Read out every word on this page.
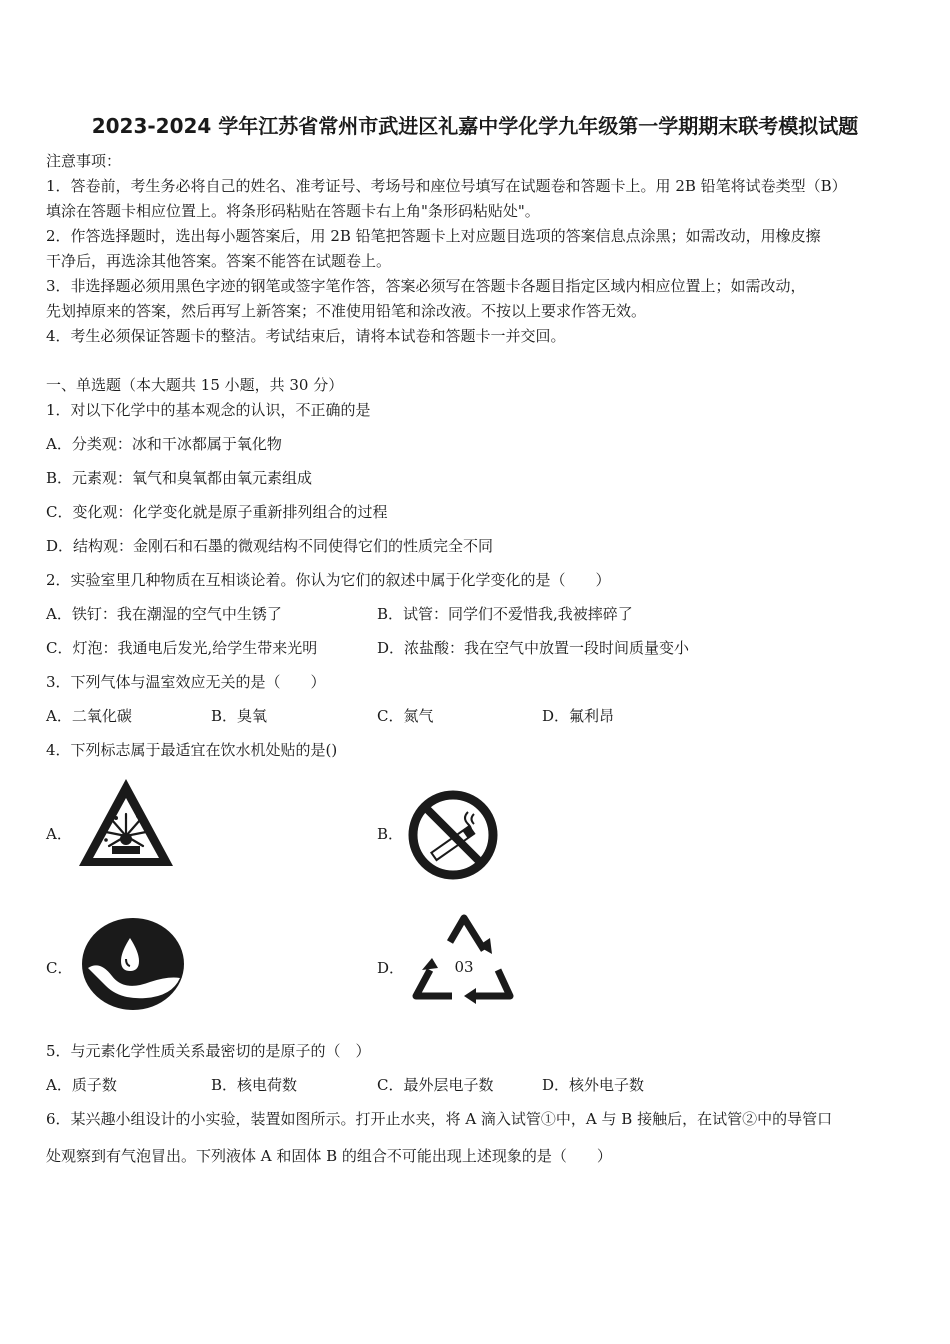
2023-2024 学年江苏省常州市武进区礼嘉中学化学九年级第一学期期末联考模拟试题
注意事项：
1．答卷前，考生务必将自己的姓名、准考证号、考场号和座位号填写在试题卷和答题卡上。用 2B 铅笔将试卷类型（B）
填涂在答题卡相应位置上。将条形码粘贴在答题卡右上角"条形码粘贴处"。
2．作答选择题时，选出每小题答案后，用 2B 铅笔把答题卡上对应题目选项的答案信息点涂黑；如需改动，用橡皮擦
干净后，再选涂其他答案。答案不能答在试题卷上。
3．非选择题必须用黑色字迹的钢笔或签字笔作答，答案必须写在答题卡各题目指定区域内相应位置上；如需改动，
先划掉原来的答案，然后再写上新答案；不准使用铅笔和涂改液。不按以上要求作答无效。
4．考生必须保证答题卡的整洁。考试结束后，请将本试卷和答题卡一并交回。
一、单选题（本大题共 15 小题，共 30 分）
1．对以下化学中的基本观念的认识，不正确的是
A．分类观：冰和干冰都属于氧化物
B．元素观：氧气和臭氧都由氧元素组成
C．变化观：化学变化就是原子重新排列组合的过程
D．结构观：金刚石和石墨的微观结构不同使得它们的性质完全不同
2．实验室里几种物质在互相谈论着。你认为它们的叙述中属于化学变化的是（　　）
A．铁钉：我在潮湿的空气中生锈了	B．试管：同学们不爱惜我,我被摔碎了
C．灯泡：我通电后发光,给学生带来光明	D．浓盐酸：我在空气中放置一段时间质量变小
3．下列气体与温室效应无关的是（　　）
A．二氧化碳	B．臭氧	C．氮气	D．氟利昂
4．下列标志属于最适宜在饮水机处贴的是()
A．	B．
C．	D．	03
5．与元素化学性质关系最密切的是原子的（　）
A．质子数	B．核电荷数	C．最外层电子数	D．核外电子数
6．某兴趣小组设计的小实验，装置如图所示。打开止水夹，将 A 滴入试管①中，A 与 B 接触后，在试管②中的导管口
处观察到有气泡冒出。下列液体 A 和固体 B 的组合不可能出现上述现象的是（　　）
